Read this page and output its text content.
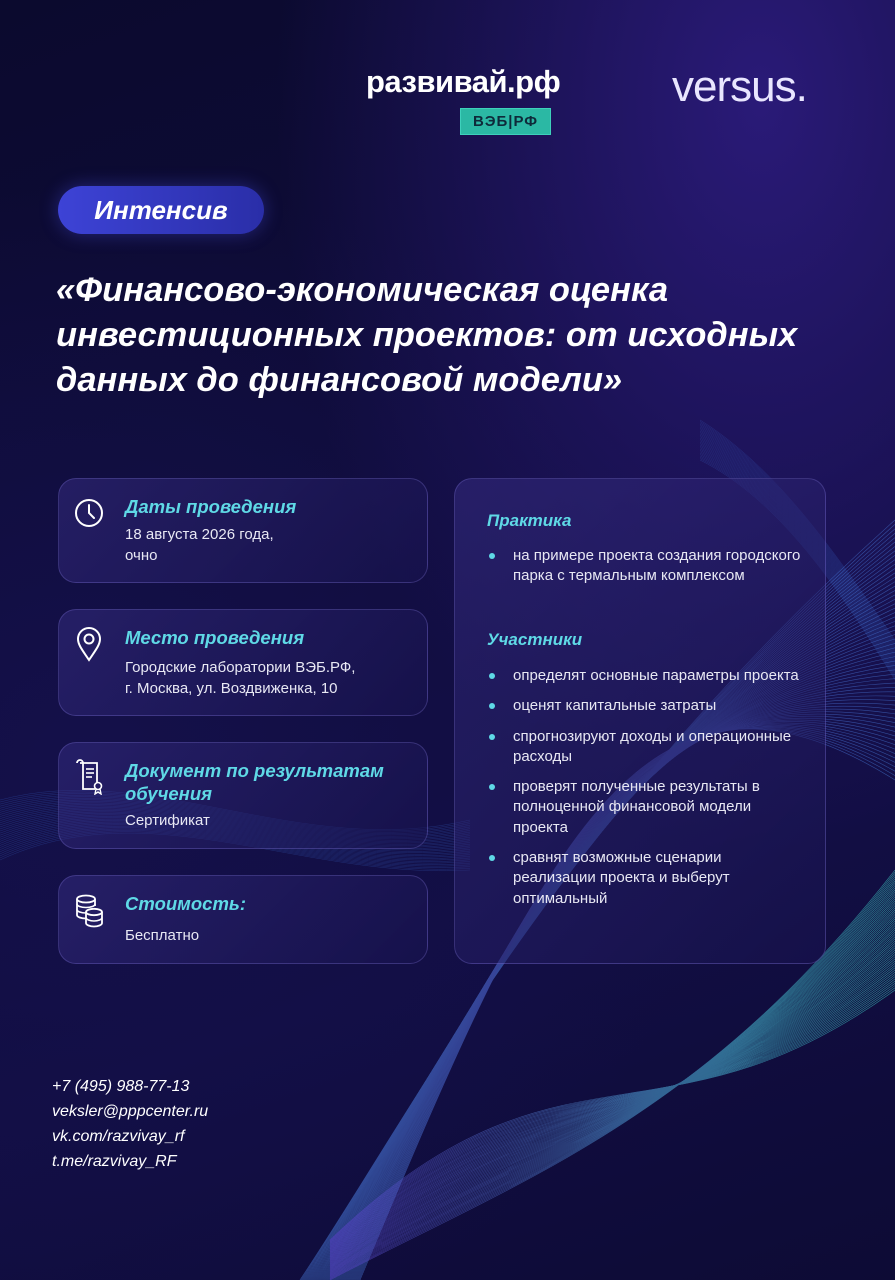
развивай.рф
ВЭБ|РФ
versus.
Интенсив
«Финансово-экономическая оценка инвестиционных проектов: от исходных данных до финансовой модели»
Даты проведения
18 августа 2026 года,
очно
Место проведения
Городские лаборатории ВЭБ.РФ,
г. Москва, ул. Воздвиженка, 10
Документ по результатам обучения
Сертификат
Стоимость:
Бесплатно
Практика
на примере проекта создания городского парка с термальным комплексом
Участники
определят основные параметры проекта
оценят капитальные затраты
спрогнозируют доходы и операционные расходы
проверят полученные результаты в полноценной финансовой модели проекта
сравнят возможные сценарии реализации проекта и выберут оптимальный
+7 (495) 988-77-13
veksler@pppcenter.ru
vk.com/razvivay_rf
t.me/razvivay_RF
